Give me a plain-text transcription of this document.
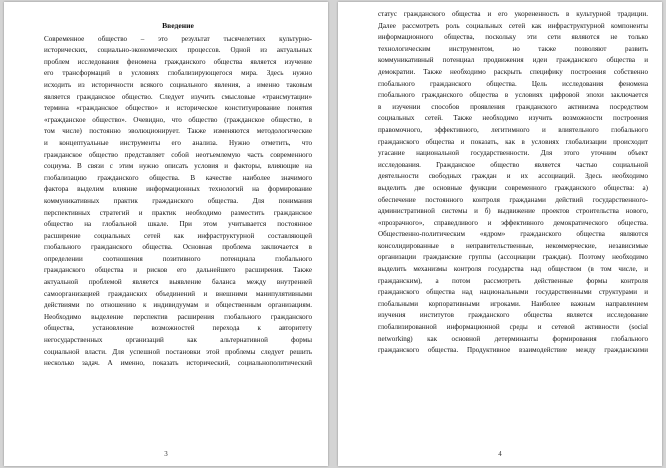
Введение
Современное общество – это результат тысячелетних культурно-
исторических, социально-экономических процессов. Одной из актуальных
проблем исследования феномена гражданского общества является изучение
его трансформаций в условиях глобализирующегося мира. Здесь нужно
исходить из историчности всякого социального явления, а именно таковым
является гражданское общество. Следует изучить смысловые «трансмутации»
термина «гражданское общество» и историческое конституирование понятия
«гражданское общество». Очевидно, что общество (гражданское общество, в
том числе) постоянно эволюционирует. Также изменяются методологические
и концептуальные инструменты его анализа. Нужно отметить, что
гражданское общество представляет собой неотъемлемую часть современного
социума. В связи с этим нужно описать условия и факторы, влияющие на
глобализацию гражданского общества. В качестве наиболее значимого
фактора выделим влияние информационных технологий на формирование
коммуникативных практик гражданского общества. Для понимания
перспективных стратегий и практик необходимо разместить гражданское
общество на глобальной шкале. При этом учитывается постоянное
расширение социальных сетей как инфраструктурной составляющей
глобального гражданского общества. Основная проблема заключается в
определении соотношения позитивного потенциала глобального
гражданского общества и рисков его дальнейшего расширения. Также
актуальной проблемой является выявление баланса между внутренней
самоорганизацией гражданских объединений и внешними манипулятивными
действиями по отношению к индивидуумам и общественным организациям.
Необходимо выделение перспектив расширения глобального гражданского
общества, установление возможностей перехода к авторитету
негосударственных организаций как альтернативной формы
социальной власти. Для успешной постановки этой проблемы следует решить
несколько задач. А именно, показать исторический, социальнополитический
3
статус гражданского общества и его укорененность в культурной традиции.
Далее рассмотреть роль социальных сетей как инфраструктурной компоненты
информационного общества, поскольку эти сети являются не только
технологическим инструментом, но также позволяют развить
коммуникативный потенциал продвижения идеи гражданского общества и
демократии. Также необходимо раскрыть специфику построения собственно
глобального гражданского общества. Цель исследования феномена
глобального гражданского общества в условиях цифровой эпохи заключается
в изучении способов проявления гражданского активизма посредством
социальных сетей. Также необходимо изучить возможности построения
правомочного, эффективного, легитимного и влиятельного глобального
гражданского общества и показать, как в условиях глобализации происходит
угасание национальной государственности. Для этого уточним объект
исследования. Гражданское общество является частью социальной
деятельности свободных граждан и их ассоциаций. Здесь необходимо
выделить две основные функции современного гражданского общества: а)
обеспечение постоянного контроля гражданами действий государственного-
административной системы и б) выдвижение проектов строительства нового,
«прозрачного», справедливого и эффективного демократического общества.
Общественно-политическим «ядром» гражданского общества являются
консолидированные в неправительственные, некоммерческие, независимые
организации гражданские группы (ассоциации граждан). Поэтому необходимо
выделить механизмы контроля государства над обществом (в том числе, и
гражданским), а потом рассмотреть действенные формы контроля
гражданского общества над национальными государственными структурами и
глобальными корпоративными игроками. Наиболее важным направлением
изучения институтов гражданского общества является исследование
глобализированной информационной среды и сетевой активности (social
networking) как основной детерминанты формирования глобального
гражданского общества. Продуктивное взаимодействие между гражданскими
4
